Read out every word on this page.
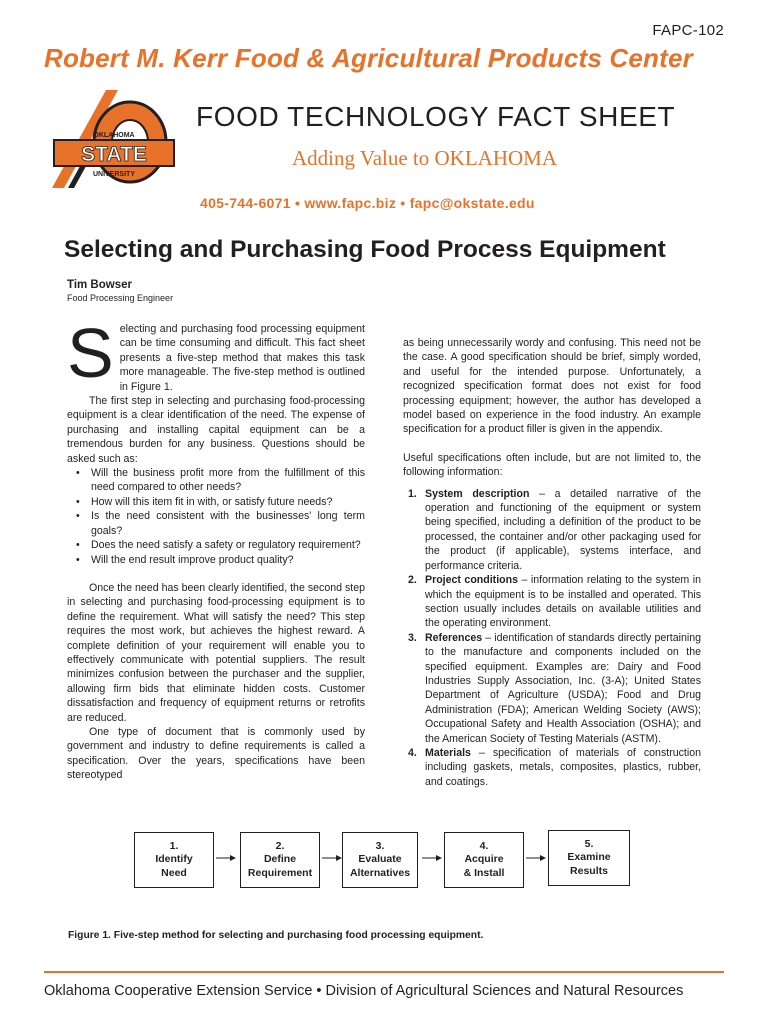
FAPC-102
Robert M. Kerr Food & Agricultural Products Center
OKLAHOMA
STATE
UNIVERSITY
O FOOD TECHNOLOGY FACT SHEET
Adding Value to OKLAHOMA
405-744-6071 • www.fapc.biz • fapc@okstate.edu
Selecting and Purchasing Food Process Equipment
Tim Bowser
Food Processing Engineer

Selecting and purchasing food processing equipment can be time consuming and difficult. This fact sheet presents a five-step method that makes this task more manageable. The five-step method is outlined in Figure 1.

The first step in selecting and purchasing food-processing equipment is a clear identification of the need. The expense of purchasing and installing capital equipment can be a tremendous burden for any business. Questions should be asked such as:

• Will the business profit more from the fulfillment of this need compared to other needs?
• How will this item fit in with, or satisfy future needs?
• Is the need consistent with the businesses' long term goals?
• Does the need satisfy a safety or regulatory requirement?
• Will the end result improve product quality?

Once the need has been clearly identified, the second step in selecting and purchasing food-processing equipment is to define the requirement. What will satisfy the need? This step requires the most work, but achieves the highest reward. A complete definition of your requirement will enable you to effectively communicate with potential suppliers. The result minimizes confusion between the purchaser and the supplier, allowing firm bids that eliminate hidden costs. Customer dissatisfaction and frequency of equipment returns or retrofits are reduced.

One type of document that is commonly used by government and industry to define requirements is called a specification. Over the years, specifications have been stereotyped

as being unnecessarily wordy and confusing. This need not be the case. A good specification should be brief, simply worded, and useful for the intended purpose. Unfortunately, a recognized specification format does not exist for food processing equipment; however, the author has developed a model based on experience in the food industry. An example specification for a product filler is given in the appendix.

Useful specifications often include, but are not limited to, the following information:

1. System description – a detailed narrative of the operation and functioning of the equipment or system being specified, including a definition of the product to be processed, the container and/or other packaging used for the product (if applicable), systems interface, and performance criteria.
2. Project conditions – information relating to the system in which the equipment is to be installed and operated. This section usually includes details on available utilities and the operating environment.
3. References – identification of standards directly pertaining to the manufacture and components included on the specified equipment. Examples are: Dairy and Food Industries Supply Association, Inc. (3-A); United States Department of Agriculture (USDA); Food and Drug Administration (FDA); American Welding Society (AWS); Occupational Safety and Health Association (OSHA); and the American Society of Testing Materials (ASTM).
4. Materials – specification of materials of construction including gaskets, metals, composites, plastics, rubber, and coatings.
1.
Identify
Need
2.
Define
Requirement
3.
Evaluate
Alternatives
4.
Acquire
& Install
5.
Examine
Results
Figure 1. Five-step method for selecting and purchasing food processing equipment.
Oklahoma Cooperative Extension Service • Division of Agricultural Sciences and Natural Resources
